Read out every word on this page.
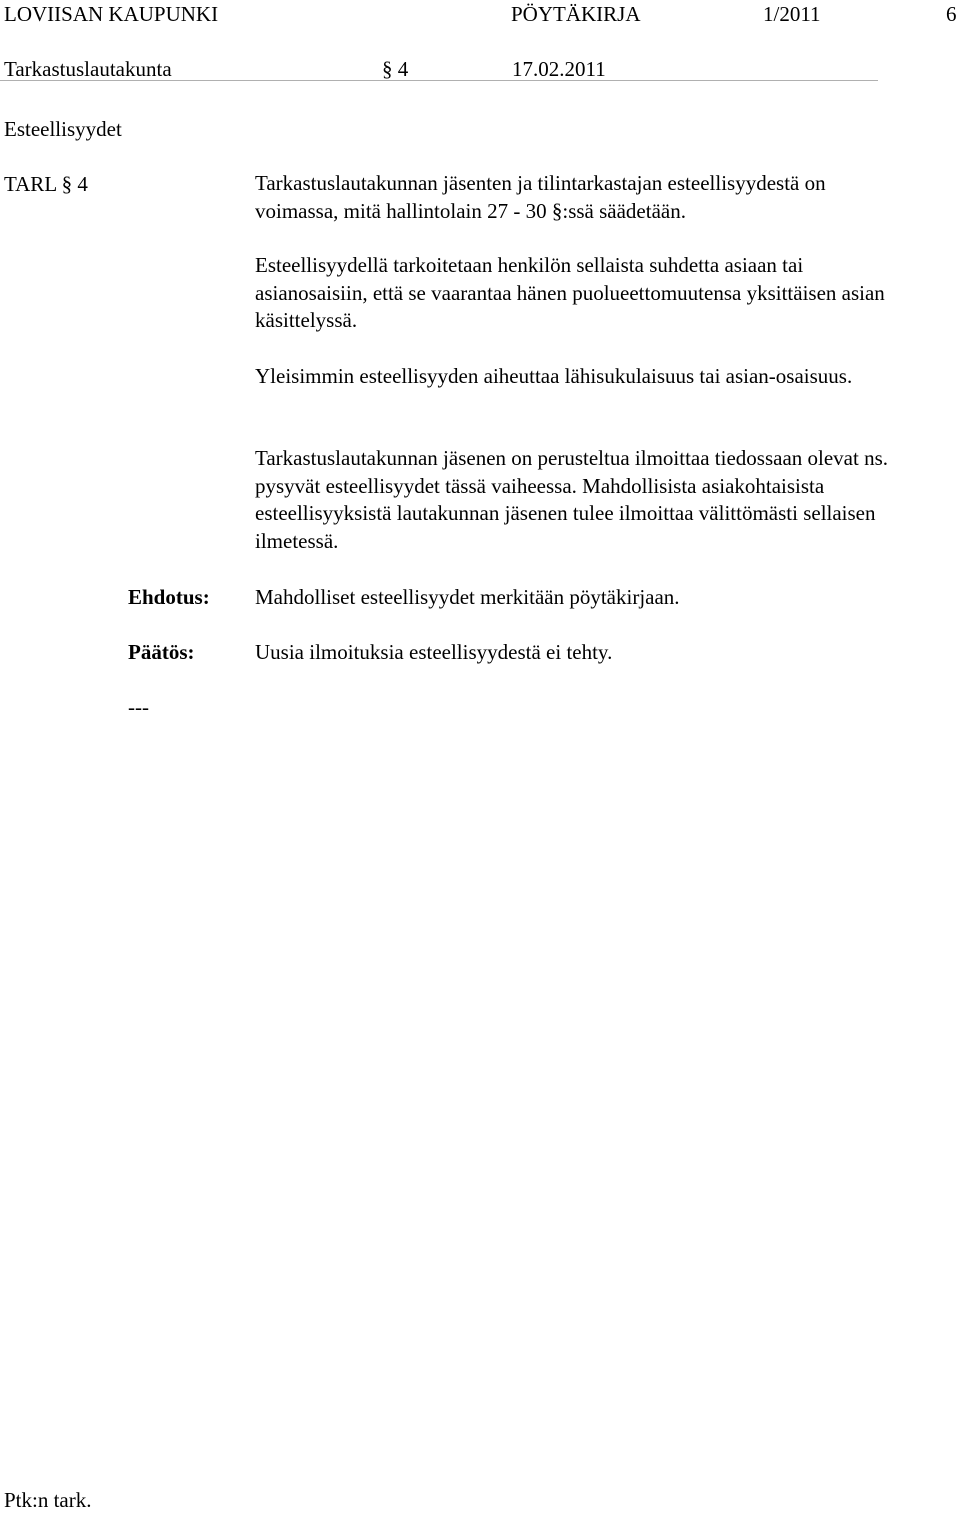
LOVIISAN KAUPUNKI	PÖYTÄKIRJA	1/2011	6
Tarkastuslautakunta	§ 4	17.02.2011
Esteellisyydet
TARL § 4	Tarkastuslautakunnan jäsenten ja tilintarkastajan esteellisyydestä on voimassa, mitä hallintolain 27 - 30 §:ssä säädetään.

Esteellisyydellä tarkoitetaan henkilön sellaista suhdetta asiaan tai asianosaisiin, että se vaarantaa hänen puolueettomuutensa yksittäisen asian käsittelyssä.

Yleisimmin esteellisyyden aiheuttaa lähisukulaisuus tai asian-osaisuus.

Tarkastuslautakunnan jäsenen on perusteltua ilmoittaa tiedossaan olevat ns. pysyvät esteellisyydet tässä vaiheessa. Mahdollisista asiakohtaisista esteellisyyksistä lautakunnan jäsenen tulee ilmoittaa välittömästi sellaisen ilmetessä.

Ehdotus: Mahdolliset esteellisyydet merkitään pöytäkirjaan.
Päätös:	Uusia ilmoituksia esteellisyydestä ei tehty.
---
Ptk:n tark.
